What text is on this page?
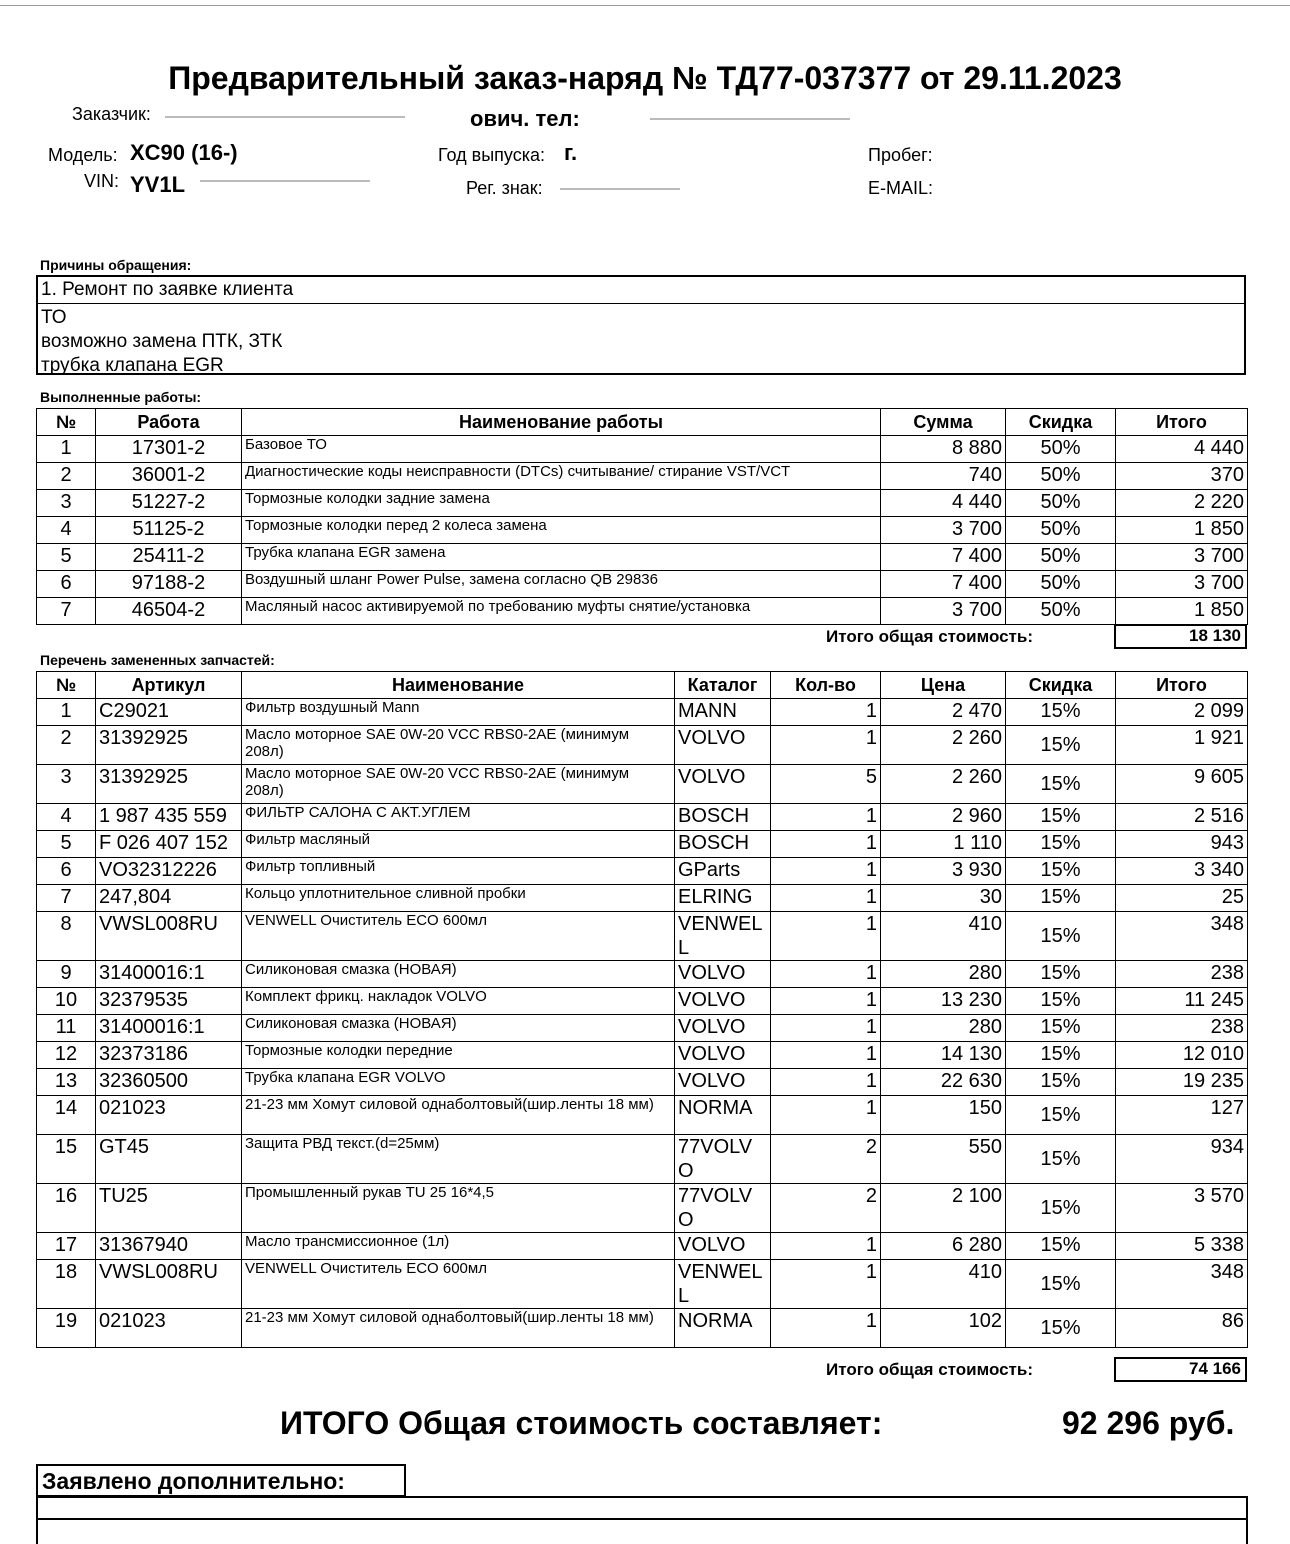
Предварительный заказ-наряд № ТД77-037377 от 29.11.2023
Заказчик:	ович. тел:
Модель: XC90 (16-)
VIN: YV1L
Год выпуска: г.
Рег. знак:
Пробег:
E-MAIL:
Причины обращения:
1. Ремонт по заявке клиента
ТО
возможно замена ПТК, ЗТК
трубка клапана EGR
Выполненные работы:
№	Работа	Наименование работы	Сумма	Скидка	Итого
1	17301-2	Базовое ТО	8 880	50%	4 440
2	36001-2	Диагностические коды неисправности (DTCs) считывание/ стирание VST/VCT	740	50%	370
3	51227-2	Тормозные колодки задние замена	4 440	50%	2 220
4	51125-2	Тормозные колодки перед 2 колеса замена	3 700	50%	1 850
5	25411-2	Трубка клапана EGR замена	7 400	50%	3 700
6	97188-2	Воздушный шланг Power Pulse, замена согласно QB 29836	7 400	50%	3 700
7	46504-2	Масляный насос активируемой по требованию муфты снятие/установка	3 700	50%	1 850
Итого общая стоимость:	18 130
Перечень замененных запчастей:
№	Артикул	Наименование	Каталог	Кол-во	Цена	Скидка	Итого
1	C29021	Фильтр воздушный Mann	MANN	1	2 470	15%	2 099
2	31392925	Масло моторное SAE 0W-20 VCC RBS0-2AE (минимум 208л)	VOLVO	1	2 260	15%	1 921
3	31392925	Масло моторное SAE 0W-20 VCC RBS0-2AE (минимум 208л)	VOLVO	5	2 260	15%	9 605
4	1 987 435 559	ФИЛЬТР САЛОНА С АКТ.УГЛЕМ	BOSCH	1	2 960	15%	2 516
5	F 026 407 152	Фильтр масляный	BOSCH	1	1 110	15%	943
6	VO32312226	Фильтр топливный	GParts	1	3 930	15%	3 340
7	247,804	Кольцо уплотнительное сливной пробки	ELRING	1	30	15%	25
8	VWSL008RU	VENWELL Очиститель ECO 600мл	VENWELL	1	410	15%	348
9	31400016:1	Силиконовая смазка (НОВАЯ)	VOLVO	1	280	15%	238
10	32379535	Комплект фрикц. накладок VOLVO	VOLVO	1	13 230	15%	11 245
11	31400016:1	Силиконовая смазка (НОВАЯ)	VOLVO	1	280	15%	238
12	32373186	Тормозные колодки передние	VOLVO	1	14 130	15%	12 010
13	32360500	Трубка клапана EGR VOLVO	VOLVO	1	22 630	15%	19 235
14	021023	21-23 мм Хомут силовой однаболтовый(шир.ленты 18 мм)	NORMA	1	150	15%	127
15	GT45	Защита РВД текст.(d=25мм)	77VOLVO	2	550	15%	934
16	TU25	Промышленный рукав TU 25 16*4,5	77VOLVO	2	2 100	15%	3 570
17	31367940	Масло трансмиссионное (1л)	VOLVO	1	6 280	15%	5 338
18	VWSL008RU	VENWELL Очиститель ECO 600мл	VENWELL	1	410	15%	348
19	021023	21-23 мм Хомут силовой однаболтовый(шир.ленты 18 мм)	NORMA	1	102	15%	86
Итого общая стоимость:	74 166
ИТОГО Общая стоимость составляет:	92 296 руб.
Заявлено дополнительно:
